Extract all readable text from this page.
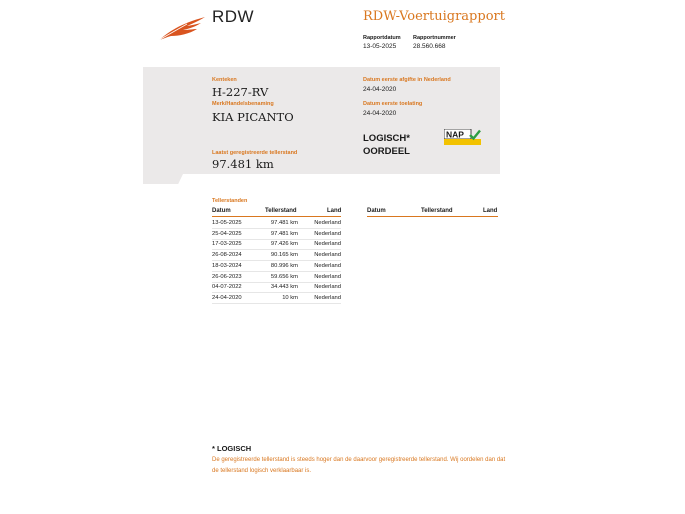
RDW	RDW-Voertuigrapport
Rapportdatum
13-05-2025
Rapportnummer
28.560.668
Kenteken
H-227-RV
Merk/Handelsbenaming
KIA PICANTO
Laatst geregistreerde tellerstand
97.481 km
Datum eerste afgifte in Nederland
24-04-2020
Datum eerste toelating
24-04-2020
LOGISCH*
OORDEEL
NAP
Tellerstanden
Datum	Tellerstand	Land	Datum	Tellerstand	Land
13-05-2025	97.481 km	Nederland
25-04-2025	97.481 km	Nederland
17-03-2025	97.426 km	Nederland
26-08-2024	90.165 km	Nederland
18-03-2024	80.996 km	Nederland
26-06-2023	59.656 km	Nederland
04-07-2022	34.443 km	Nederland
24-04-2020	10 km	Nederland
* LOGISCH
De geregistreerde tellerstand is steeds hoger dan de daarvoor geregistreerde tellerstand. Wij oordelen dan dat de tellerstand logisch verklaarbaar is.
